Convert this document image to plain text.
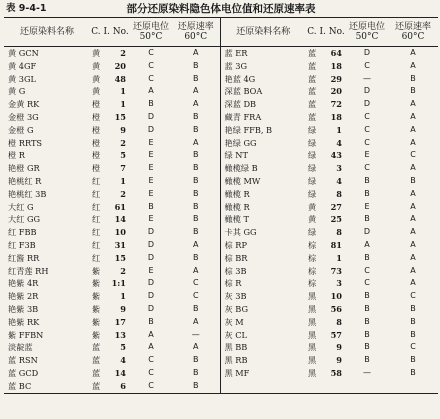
表 9-4-1	部分还原染料隐色体电位值和还原速率表
还原染料名称	C. I. No.	还原电位 50°C	还原速率 60°C	还原染料名称	C. I. No.	还原电位 50°C	还原速率 60°C
黄 GCN	黄 2	C	A	蓝 ER	蓝 64	D	A
黄 4GF	黄 20	C	B	蓝 3G	蓝 18	C	A
黄 3GL	黄 48	C	B	艳蓝 4G	蓝 29	—	B
黄 G	黄 1	A	A	深蓝 BOA	蓝 20	D	B
金黄 RK	橙 1	B	A	深蓝 DB	蓝 72	D	A
金橙 3G	橙 15	D	B	藏青 FRA	蓝 18	C	A
金橙 G	橙 9	D	B	艳绿 FFB, B	绿 1	C	A
橙 RRTS	橙 2	E	A	艳绿 GG	绿 4	C	A
橙 R	橙 5	E	B	绿 NT	绿 43	E	C
艳橙 GR	橙 7	E	B	橄榄绿 B	绿 3	C	A
艳桃红 R	红 1	E	B	橄榄 MW	绿 4	B	B
艳桃红 3B	红 2	E	B	橄榄 R	绿 8	B	A
大红 G	红 61	B	B	橄榄 R	黄 27	E	A
大红 GG	红 14	E	B	橄榄 T	黄 25	B	A
红 FBB	红 10	D	B	卡其 GG	绿 8	D	A
红 F3B	红 31	D	A	棕 RP	棕 81	A	A
红酱 RR	红 15	D	B	棕 BR	棕 1	B	A
红青莲 RH	紫 2	E	A	棕 3B	棕 73	C	A
艳紫 4R	紫 1:1	D	C	棕 R	棕 3	C	A
艳紫 2R	紫 1	D	C	灰 3B	黑 10	B	C
艳紫 3B	紫 9	D	B	灰 BG	黑 56	B	B
艳紫 RK	紫 17	B	A	灰 M	黑 8	B	B
紫 FFBN	紫 13	A	—	灰 CL	黑 57	B	B
淡靛蓝	蓝 5	A	A	黑 BB	黑 9	B	C
蓝 RSN	蓝 4	C	B	黑 RB	黑 9	B	B
蓝 GCD	蓝 14	C	B	黑 MF	黑 58	—	B
蓝 BC	蓝 6	C	B				
